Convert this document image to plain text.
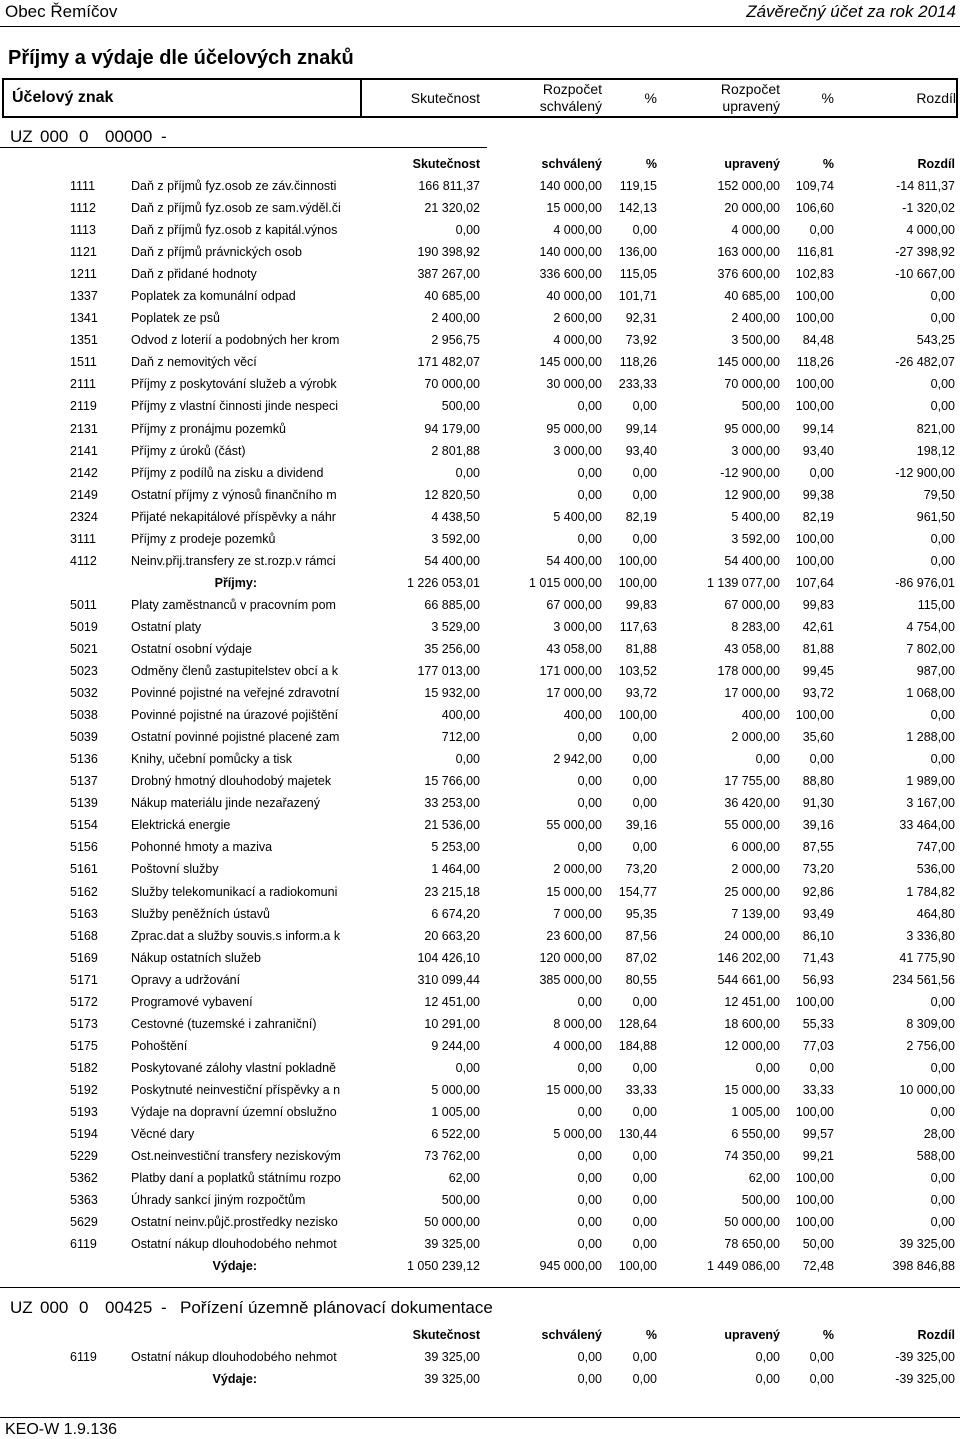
Obec Řemíčov	Závěrečný účet za rok 2014
Příjmy a výdaje dle účelových znaků
Účelový znak	Skutečnost
Rozpočet
schválený	%
Rozpočet
upravený	%	Rozdíl
UZ 000 0 00000 -
Skutečnost	schválený	%	upravený	%	Rozdíl
1111	Daň z příjmů fyz.osob ze záv.činnosti	166 811,37	140 000,00 119,15	152 000,00 109,74	-14 811,37
1112	Daň z příjmů fyz.osob ze sam.výděl.či	21 320,02	15 000,00 142,13	20 000,00 106,60	-1 320,02
1113	Daň z příjmů fyz.osob z kapitál.výnos	0,00	4 000,00 0,00	4 000,00 0,00	4 000,00
1121	Daň z příjmů právnických osob	190 398,92	140 000,00 136,00	163 000,00 116,81	-27 398,92
1211	Daň z přidané hodnoty	387 267,00	336 600,00 115,05	376 600,00 102,83	-10 667,00
1337	Poplatek za komunální odpad	40 685,00	40 000,00 101,71	40 685,00 100,00	0,00
1341	Poplatek ze psů	2 400,00	2 600,00 92,31	2 400,00 100,00	0,00
1351	Odvod z loterií a podobných her krom	2 956,75	4 000,00 73,92	3 500,00 84,48	543,25
1511	Daň z nemovitých věcí	171 482,07	145 000,00 118,26	145 000,00 118,26	-26 482,07
2111	Příjmy z poskytování služeb a výrobk	70 000,00	30 000,00 233,33	70 000,00 100,00	0,00
2119	Příjmy z vlastní činnosti jinde nespeci	500,00	0,00 0,00	500,00 100,00	0,00
2131	Příjmy z pronájmu pozemků	94 179,00	95 000,00 99,14	95 000,00 99,14	821,00
2141	Příjmy z úroků (část)	2 801,88	3 000,00 93,40	3 000,00 93,40	198,12
2142	Příjmy z podílů na zisku a dividend	0,00	0,00 0,00	-12 900,00 0,00	-12 900,00
2149	Ostatní příjmy z výnosů finančního m	12 820,50	0,00 0,00	12 900,00 99,38	79,50
2324	Přijaté nekapitálové příspěvky a náhr	4 438,50	5 400,00 82,19	5 400,00 82,19	961,50
3111	Příjmy z prodeje pozemků	3 592,00	0,00 0,00	3 592,00 100,00	0,00
4112	Neinv.přij.transfery ze st.rozp.v rámci	54 400,00	54 400,00 100,00	54 400,00 100,00	0,00
Příjmy:	1 226 053,01	1 015 000,00 100,00	1 139 077,00 107,64	-86 976,01
5011	Platy zaměstnanců v pracovním pom	66 885,00	67 000,00 99,83	67 000,00 99,83	115,00
5019	Ostatní platy	3 529,00	3 000,00 117,63	8 283,00 42,61	4 754,00
5021	Ostatní osobní výdaje	35 256,00	43 058,00 81,88	43 058,00 81,88	7 802,00
5023	Odměny členů zastupitelstev obcí a k	177 013,00	171 000,00 103,52	178 000,00 99,45	987,00
5032	Povinné pojistné na veřejné zdravotní	15 932,00	17 000,00 93,72	17 000,00 93,72	1 068,00
5038	Povinné pojistné na úrazové pojištění	400,00	400,00 100,00	400,00 100,00	0,00
5039	Ostatní povinné pojistné placené zam	712,00	0,00 0,00	2 000,00 35,60	1 288,00
5136	Knihy, učební pomůcky a tisk	0,00	2 942,00 0,00	0,00 0,00	0,00
5137	Drobný hmotný dlouhodobý majetek	15 766,00	0,00 0,00	17 755,00 88,80	1 989,00
5139	Nákup materiálu jinde nezařazený	33 253,00	0,00 0,00	36 420,00 91,30	3 167,00
5154	Elektrická energie	21 536,00	55 000,00 39,16	55 000,00 39,16	33 464,00
5156	Pohonné hmoty a maziva	5 253,00	0,00 0,00	6 000,00 87,55	747,00
5161	Poštovní služby	1 464,00	2 000,00 73,20	2 000,00 73,20	536,00
5162	Služby telekomunikací a radiokomuni	23 215,18	15 000,00 154,77	25 000,00 92,86	1 784,82
5163	Služby peněžních ústavů	6 674,20	7 000,00 95,35	7 139,00 93,49	464,80
5168	Zprac.dat a služby souvis.s inform.a k	20 663,20	23 600,00 87,56	24 000,00 86,10	3 336,80
5169	Nákup ostatních služeb	104 426,10	120 000,00 87,02	146 202,00 71,43	41 775,90
5171	Opravy a udržování	310 099,44	385 000,00 80,55	544 661,00 56,93	234 561,56
5172	Programové vybavení	12 451,00	0,00 0,00	12 451,00 100,00	0,00
5173	Cestovné (tuzemské i zahraniční)	10 291,00	8 000,00 128,64	18 600,00 55,33	8 309,00
5175	Pohoštění	9 244,00	4 000,00 184,88	12 000,00 77,03	2 756,00
5182	Poskytované zálohy vlastní pokladně	0,00	0,00 0,00	0,00 0,00	0,00
5192	Poskytnuté neinvestiční příspěvky a n	5 000,00	15 000,00 33,33	15 000,00 33,33	10 000,00
5193	Výdaje na dopravní územní obslužno	1 005,00	0,00 0,00	1 005,00 100,00	0,00
5194	Věcné dary	6 522,00	5 000,00 130,44	6 550,00 99,57	28,00
5229	Ost.neinvestiční transfery neziskovým	73 762,00	0,00 0,00	74 350,00 99,21	588,00
5362	Platby daní a poplatků státnímu rozpo	62,00	0,00 0,00	62,00 100,00	0,00
5363	Úhrady sankcí jiným rozpočtům	500,00	0,00 0,00	500,00 100,00	0,00
5629	Ostatní neinv.půjč.prostředky nezisko	50 000,00	0,00 0,00	50 000,00 100,00	0,00
6119	Ostatní nákup dlouhodobého nehmot	39 325,00	0,00 0,00	78 650,00 50,00	39 325,00
Výdaje:	1 050 239,12	945 000,00 100,00	1 449 086,00 72,48	398 846,88
UZ 000 0 00425 - Pořízení územně plánovací dokumentace
Skutečnost	schválený	%	upravený	%	Rozdíl
6119	Ostatní nákup dlouhodobého nehmot	39 325,00	0,00 0,00	0,00 0,00	-39 325,00
Výdaje:	39 325,00	0,00 0,00	0,00 0,00	-39 325,00
KEO-W 1.9.136
